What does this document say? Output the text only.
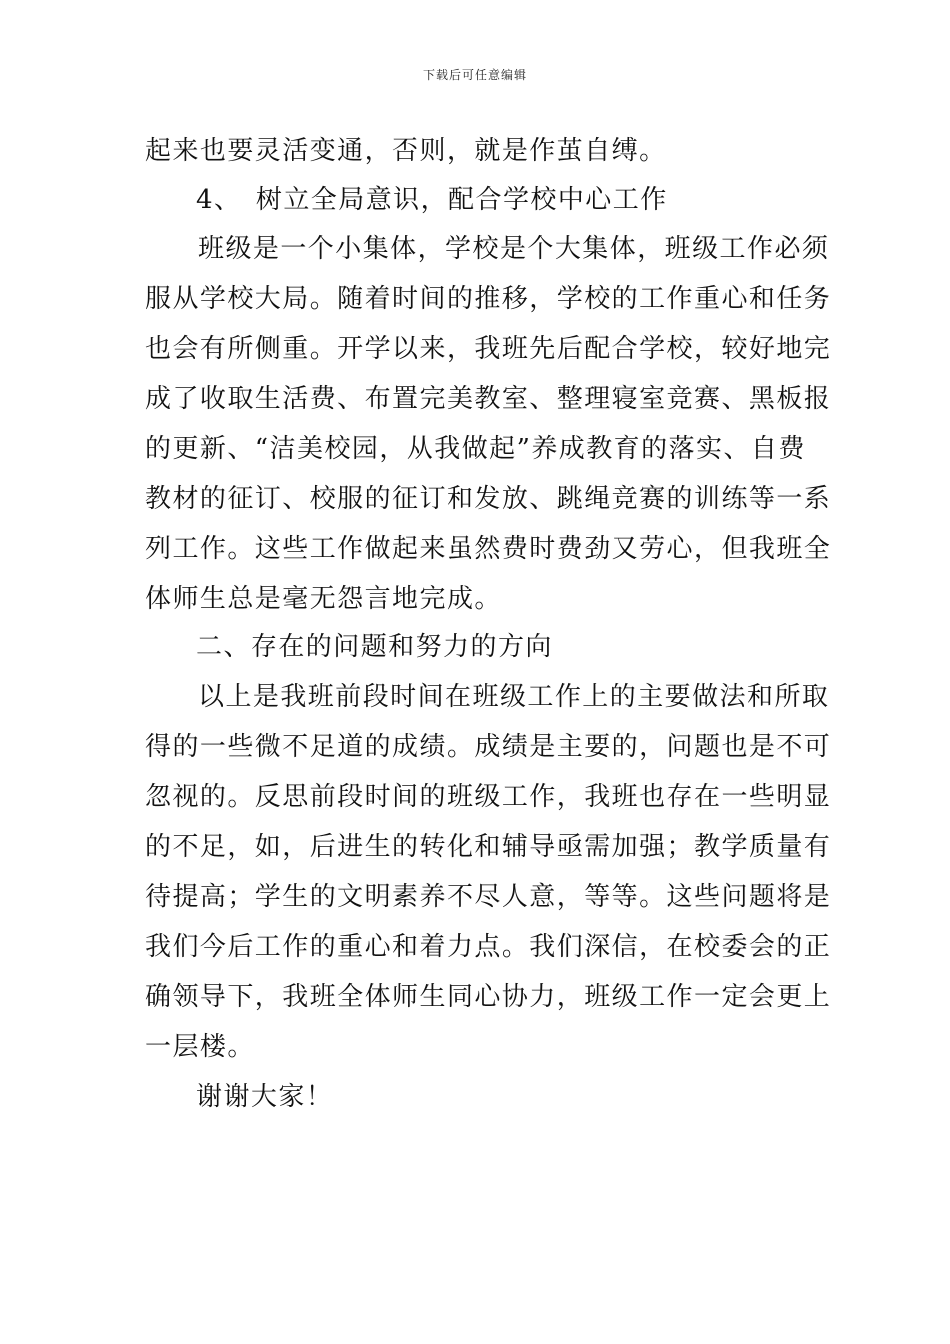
下载后可任意编辑
起来也要灵活变通，否则，就是作茧自缚。
4、　树立全局意识，配合学校中心工作
班级是一个小集体，学校是个大集体，班级工作必须
服从学校大局。随着时间的推移，学校的工作重心和任务
也会有所侧重。开学以来，我班先后配合学校，较好地完
成了收取生活费、布置完美教室、整理寝室竞赛、黑板报
的更新、“洁美校园，从我做起”养成教育的落实、自费
教材的征订、校服的征订和发放、跳绳竞赛的训练等一系
列工作。这些工作做起来虽然费时费劲又劳心，但我班全
体师生总是毫无怨言地完成。
二、存在的问题和努力的方向
以上是我班前段时间在班级工作上的主要做法和所取
得的一些微不足道的成绩。成绩是主要的，问题也是不可
忽视的。反思前段时间的班级工作，我班也存在一些明显
的不足，如，后进生的转化和辅导亟需加强；教学质量有
待提高；学生的文明素养不尽人意，等等。这些问题将是
我们今后工作的重心和着力点。我们深信，在校委会的正
确领导下，我班全体师生同心协力，班级工作一定会更上
一层楼。
谢谢大家！
